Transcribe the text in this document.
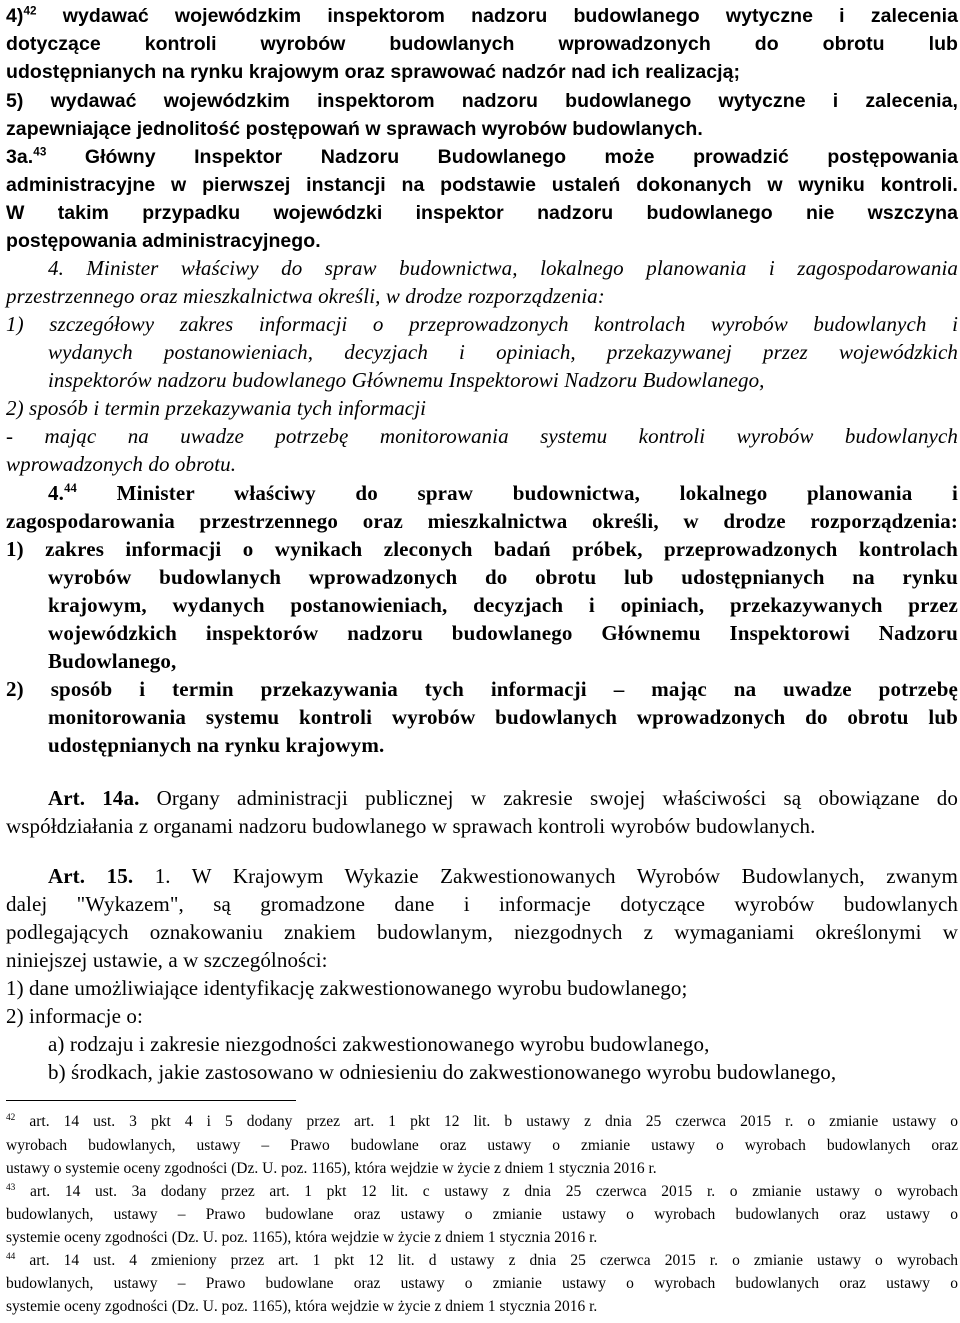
4)$^{42}$ wydawać wojewódzkim inspektorom nadzoru budowlanego wytyczne i zalecenia
dotyczące kontroli wyrobów budowlanych wprowadzonych do obrotu lub
udostępnianych na rynku krajowym oraz sprawować nadzór nad ich realizacją;
5) wydawać wojewódzkim inspektorom nadzoru budowlanego wytyczne i zalecenia,
zapewniające jednolitość postępowań w sprawach wyrobów budowlanych.
3a.$^{43}$ Główny Inspektor Nadzoru Budowlanego może prowadzić postępowania
administracyjne w pierwszej instancji na podstawie ustaleń dokonanych w wyniku kontroli.
W takim przypadku wojewódzki inspektor nadzoru budowlanego nie wszczyna
postępowania administracyjnego.
4. Minister właściwy do spraw budownictwa, lokalnego planowania i zagospodarowania
przestrzennego oraz mieszkalnictwa określi, w drodze rozporządzenia:
1) szczegółowy zakres informacji o przeprowadzonych kontrolach wyrobów budowlanych i
wydanych postanowieniach, decyzjach i opiniach, przekazywanej przez wojewódzkich
inspektorów nadzoru budowlanego Głównemu Inspektorowi Nadzoru Budowlanego,
2) sposób i termin przekazywania tych informacji
- mając na uwadze potrzebę monitorowania systemu kontroli wyrobów budowlanych
wprowadzonych do obrotu.
4.44 Minister właściwy do spraw budownictwa, lokalnego planowania i
zagospodarowania przestrzennego oraz mieszkalnictwa określi, w drodze rozporządzenia:
1) zakres informacji o wynikach zleconych badań próbek, przeprowadzonych kontrolach
wyrobów budowlanych wprowadzonych do obrotu lub udostępnianych na rynku
krajowym, wydanych postanowieniach, decyzjach i opiniach, przekazywanych przez
wojewódzkich inspektorów nadzoru budowlanego Głównemu Inspektorowi Nadzoru
Budowlanego,
2) sposób i termin przekazywania tych informacji – mając na uwadze potrzebę
monitorowania systemu kontroli wyrobów budowlanych wprowadzonych do obrotu lub
udostępnianych na rynku krajowym.
Art. 14a. Organy administracji publicznej w zakresie swojej właściwości są obowiązane do
współdziałania z organami nadzoru budowlanego w sprawach kontroli wyrobów budowlanych.
Art. 15. 1. W Krajowym Wykazie Zakwestionowanych Wyrobów Budowlanych, zwanym
dalej "Wykazem", są gromadzone dane i informacje dotyczące wyrobów budowlanych
podlegających oznakowaniu znakiem budowlanym, niezgodnych z wymaganiami określonymi w
niniejszej ustawie, a w szczególności:
1) dane umożliwiające identyfikację zakwestionowanego wyrobu budowlanego;
2) informacje o:
a) rodzaju i zakresie niezgodności zakwestionowanego wyrobu budowlanego,
b) środkach, jakie zastosowano w odniesieniu do zakwestionowanego wyrobu budowlanego,
$^{42}$ art. 14 ust. 3 pkt 4 i 5 dodany przez art. 1 pkt 12 lit. b ustawy z dnia 25 czerwca 2015 r. o zmianie ustawy o
wyrobach budowlanych, ustawy – Prawo budowlane oraz ustawy o zmianie ustawy o wyrobach budowlanych oraz
ustawy o systemie oceny zgodności (Dz. U. poz. 1165), która wejdzie w życie z dniem 1 stycznia 2016 r.
$^{43}$ art. 14 ust. 3a dodany przez art. 1 pkt 12 lit. c ustawy z dnia 25 czerwca 2015 r. o zmianie ustawy o wyrobach
budowlanych, ustawy – Prawo budowlane oraz ustawy o zmianie ustawy o wyrobach budowlanych oraz ustawy o
systemie oceny zgodności (Dz. U. poz. 1165), która wejdzie w życie z dniem 1 stycznia 2016 r.
$^{44}$ art. 14 ust. 4 zmieniony przez art. 1 pkt 12 lit. d ustawy z dnia 25 czerwca 2015 r. o zmianie ustawy o wyrobach
budowlanych, ustawy – Prawo budowlane oraz ustawy o zmianie ustawy o wyrobach budowlanych oraz ustawy o
systemie oceny zgodności (Dz. U. poz. 1165), która wejdzie w życie z dniem 1 stycznia 2016 r.
